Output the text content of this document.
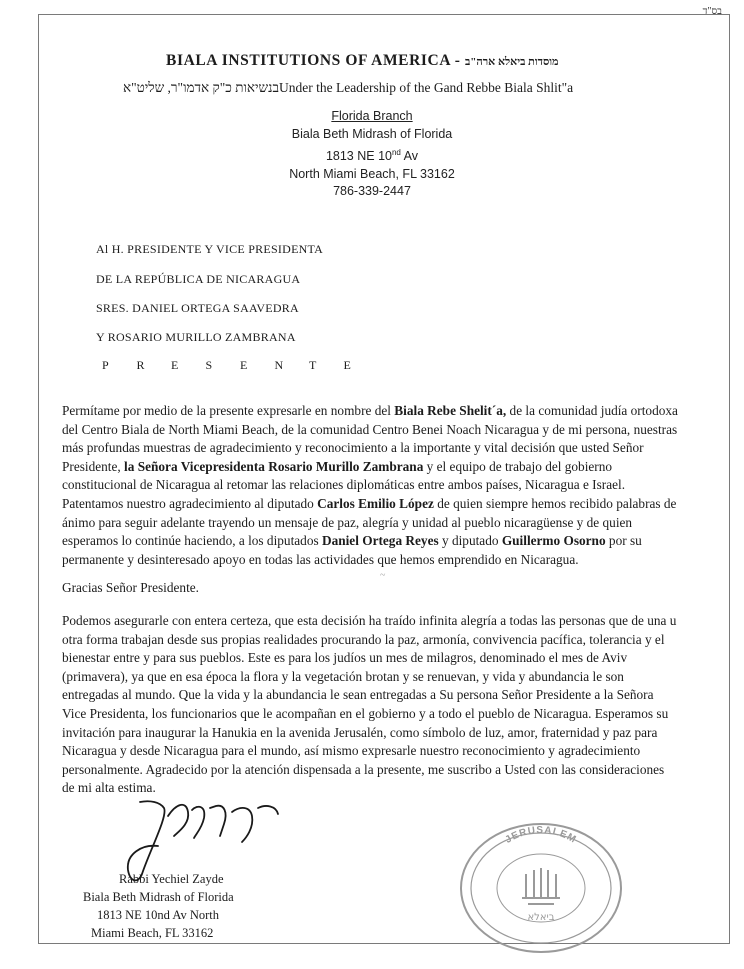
בס"ד
BIALA INSTITUTIONS OF AMERICA - מוסדות ביאלא ארה"ב
בנשיאות כ"ק אדמו"ר, שליט"אUnder the Leadership of the Gand Rebbe Biala Shlit"a
Florida Branch
Biala Beth Midrash of Florida
1813 NE 10nd Av
North Miami Beach, FL 33162
786-339-2447
Al H. PRESIDENTE Y VICE PRESIDENTA
DE LA REPÚBLICA DE NICARAGUA
SRES. DANIEL ORTEGA SAAVEDRA
Y ROSARIO MURILLO ZAMBRANA
P R E S E N T E

Permítame por medio de la presente expresarle en nombre del Biala Rebe Shelit´a, de la comunidad judía ortodoxa

del Centro Biala de North Miami Beach, de la comunidad Centro Benei Noach Nicaragua y de mi persona, nuestras

más profundas muestras de agradecimiento y reconocimiento a la importante y vital decisión que usted Señor

Presidente, la Señora Vicepresidenta Rosario Murillo Zambrana y el equipo de trabajo del gobierno

constitucional de Nicaragua al retomar las relaciones diplomáticas entre ambos países, Nicaragua e Israel.

Patentamos nuestro agradecimiento al diputado Carlos Emilio López de quien siempre hemos recibido palabras de

ánimo para seguir adelante trayendo un mensaje de paz, alegría y unidad al pueblo nicaragüense y de quien

esperamos lo continúe haciendo, a los diputados Daniel Ortega Reyes y diputado Guillermo Osorno por su

permanente y desinteresado apoyo en todas las actividades que hemos emprendido en Nicaragua.

~
Gracias Señor Presidente.

Podemos asegurarle con entera certeza, que esta decisión ha traído infinita alegría a todas las personas que de una u

otra forma trabajan desde sus propias realidades procurando la paz, armonía, convivencia pacífica, tolerancia y el

bienestar entre y para sus pueblos. Este es para los judíos un mes de milagros, denominado el mes de Aviv

(primavera), ya que en esa época la flora y la vegetación brotan y se renuevan, y vida y abundancia le son

entregadas al mundo. Que la vida y la abundancia le sean entregadas a Su persona Señor Presidente a la Señora

Vice Presidenta, los funcionarios que le acompañan en el gobierno y a todo el pueblo de Nicaragua. Esperamos su

invitación para inaugurar la Hanukia en la avenida Jerusalén, como símbolo de luz, amor, fraternidad y paz para

Nicaragua y desde Nicaragua para el mundo, así mismo expresarle nuestro reconocimiento y agradecimiento

personalmente. Agradecido por la atención dispensada a la presente, me suscribo a Usted con las consideraciones

de mi alta estima.

Rabbi Yechiel Zayde
Biala Beth Midrash of Florida
1813 NE 10nd Av North
Miami Beach, FL 33162
JERUSALEM
ביאלא
